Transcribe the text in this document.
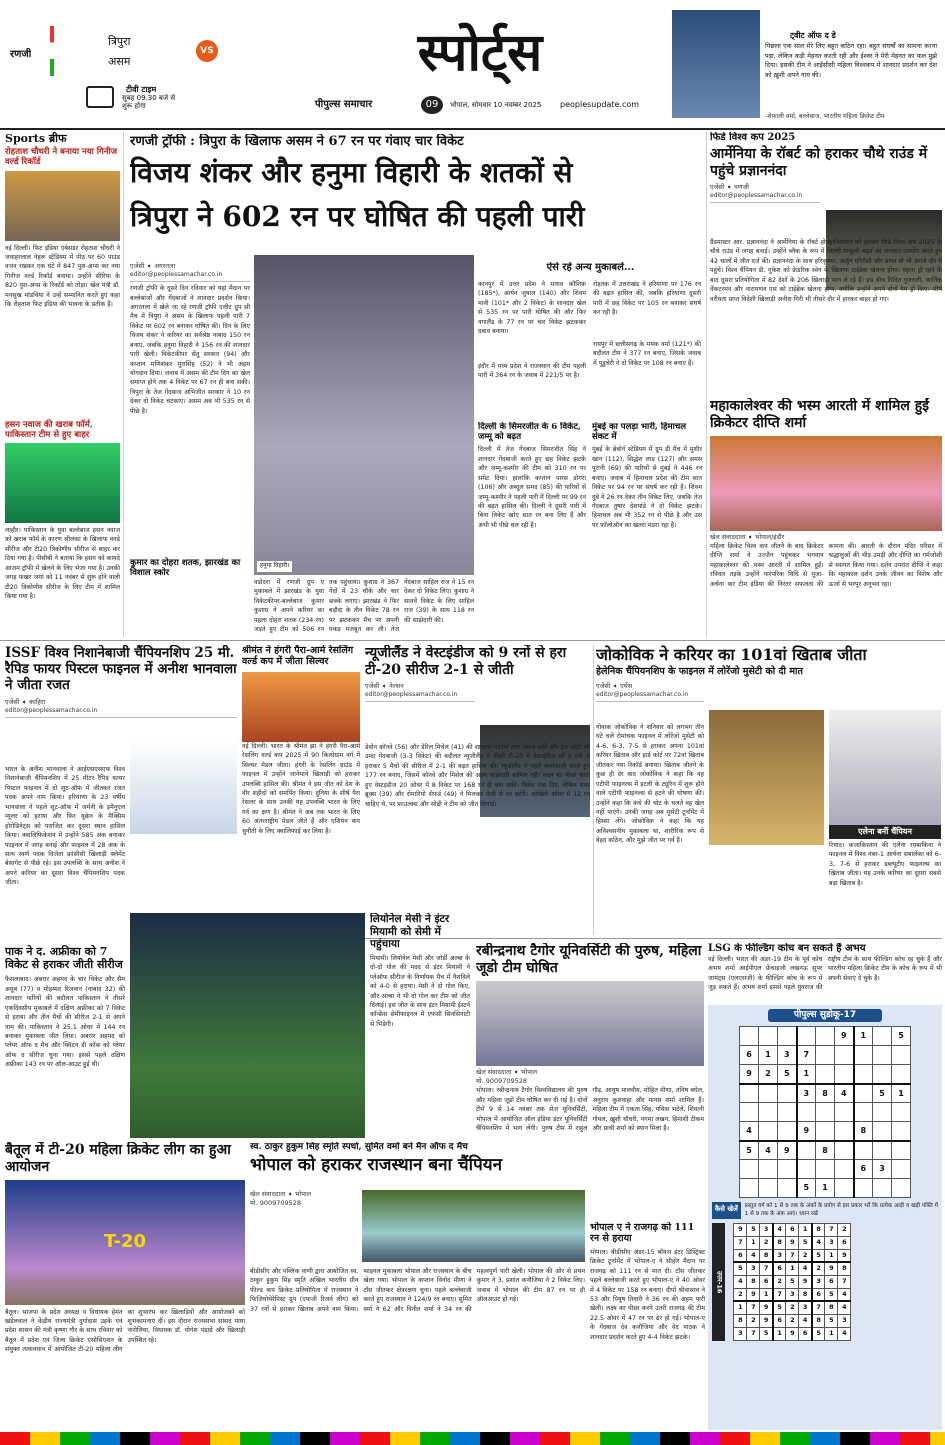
रणजी
त्रिपुरा
असम
VS
टीवी टाइम
सुबह 09.30 बजे से शुरू होगा
स्पोर्ट्स
पीपुल्स समाचार	09	भोपाल, सोमवार 10 नवम्बर 2025 peoplesupdate.com
ट्वीट ऑफ द डे
पिछला एक साल मेरे लिए बहुत कठिन रहा। बहुत संघर्षों का सामना करना पड़ा, लेकिन कड़ी मेहनत करती रही और ईश्वर ने मेरी मेहनत का फल मुझे दिया। इसकी टीम ने आईसीसी महिला विश्वकप में शानदार प्रदर्शन कर देश को ख़ुशी अपने नाम की।
-शेफाली वर्मा, बल्लेबाज, भारतीय महिला क्रिकेट टीम
Sports ब्रीफ
रोहताश चौधरी ने बनाया नया गिनीज वर्ल्ड रिकॉर्ड
नई दिल्ली। फिट इंडिया एंबेसडर रोहताश चौधरी ने जवाहरलाल नेहरू स्टेडियम में पीठ पर 60 पाउंड वजन रखकर एक घंटे में 847 पुश-अप्स कर नया गिनीज वर्ल्ड रिकॉर्ड बनाया। उन्होंने सीरिया के 820 पुश-अप्स के रिकॉर्ड को तोड़ा। खेल मंत्री डॉ. मनसुख मांडविया ने उन्हें सम्मानित करते हुए कहा कि रोहताश फिट इंडिया की भावना के प्रतीक हैं।
हसन नवाज की खराब फॉर्म, पाकिस्तान टीम से हुए बाहर
लाहौर। पाकिस्तान के युवा बल्लेबाज हसन नवाज को खराब फॉर्म के कारण श्रीलंका के खिलाफ वनडे सीरीज और टी20 त्रिकोणीय सीरीज से बाहर कर दिया गया है। पीसीबी ने बताया कि हसन को कायदे आजम ट्रॉफी में खेलने के लिए भेजा गया है। उनकी जगह फखर जमां को 11 नवंबर से शुरू होने वाली टी20 त्रिकोणीय सीरीज के लिए टीम में शामिल किया गया है।
रणजी ट्रॉफी : त्रिपुरा के खिलाफ असम ने 67 रन पर गंवाए चार विकेट
विजय शंकर और हनुमा विहारी के शतकों से
त्रिपुरा ने 602 रन पर घोषित की पहली पारी
एजेंसी ➧ अगरतला
editor@peoplessamachar.co.in
रणजी ट्रॉफी के दूसरे दिन रविवार को यहां मैदान पर बल्लेबाजों और गेंदबाजों ने शानदार प्रदर्शन किया। अगरतला में खेले जा रहे रणजी ट्रॉफी एलीट ग्रुप सी मैच में त्रिपुरा ने असम के खिलाफ पहली पारी 7 विकेट पर 602 रन बनाकर घोषित की। दिन के लिए विजय शंकर ने करियर का सर्वश्रेष्ठ नाबाद 150 रन बनाए, जबकि हनुमा विहारी ने 156 रन की शानदार पारी खेली। विकेटकीपर सेंतु सरकार (94) और कप्तान मणिशंकर मुरासिंह (52) ने भी अहम योगदान दिया। जवाब में असम की टीम दिन का खेल समाप्त होने तक 4 विकेट पर 67 रन ही बना सकी। त्रिपुरा के तेज गेंदबाज अभिजीत सरकार ने 10 रन देकर दो विकेट चटकाए। असम अब भी 535 रन से पीछे है।
कुमार का दोहरा शतक, झारखंड का विशाल स्कोर
हनुमा विहारी।
वडोदरा में रणजी ग्रुप ए मुकाबले में झारखंड के युवा विकेटकीपर-बल्लेबाज कुमार कुशाग्र ने अपने करियर का पहला दोहरा शतक (234 रन) जड़ते हुए टीम को 506 रन तक पहुंचाया। कुशाग्र ने 367 गेंदों में 23 चौके और चार छक्के लगाए। झारखंड ने फिर बड़ौदा के तीन विकेट 78 रन पर झटककर मैच पर अपनी पकड़ मजबूत कर ली। तेज गेंदबाज साहिल राज ने 15 रन देकर दो विकेट लिए। कुशाग्र ने सातवें विकेट के लिए साहिल राज (39) के साथ 118 रन की साझेदारी की।
ऐसे रहे अन्य मुकाबले...
कानपुर में उत्तर प्रदेश ने माधव कौशिक (185*), आर्यन जुयाल (140) और शिवम मावी (101* और 2 विकेट) के शानदार खेल से 535 रन पर पारी घोषित की और फिर नगालैंड के 77 रन पर चार विकेट झटककर दबाव बनाया।
इंदौर में मध्य प्रदेश ने राजस्थान की टीम पहली पारी में 364 रन के जवाब में 221/5 पर है।
रोहतक में उत्तराखंड ने हरियाणा पर 176 रन की बढ़त हासिल की, जबकि हरियाणा दूसरी पारी में छह विकेट पर 105 रन बनाकर संघर्ष कर रही है।
रायपुर में छत्तीसगढ़ के मयंक वर्मा (121*) की बदौलत टीम ने 377 रन बनाए, जिसके जवाब में पुडुचेरी ने दो विकेट पर 108 रन बनाए हैं।
दिल्ली के सिमरजीत के 6 विकेट, जम्मू को बढ़त
दिल्ली में तेज गेंदबाज सिमरजीत सिंह ने शानदार गेंदबाजी करते हुए छह विकेट झटके और जम्मू-कश्मीर की टीम को 310 रन पर समेट दिया। हालांकि कप्तान पारस डोगरा (106) और अब्दुल समद (85) की पारियों से जम्मू-कश्मीर ने पहली पारी में दिल्ली पर 99 रन की बढ़त हासिल की। दिल्ली ने दूसरी पारी में बिना विकेट खोए सात रन बना लिए हैं और अभी भी पीछे चल रही है।
मुंबई का पलड़ा भारी, हिमाचल संकट में
मुंबई के ब्रेबोर्न स्टेडियम में ग्रुप डी मैच में मुशीर खान (112), सिद्धेश लाड (127) और समस पुरानी (69) की पारियों से मुंबई ने 446 रन बनाए। जवाब में हिमाचल प्रदेश की टीम सात विकेट पर 94 रन पर संघर्ष कर रही है। शिवम दुबे ने 26 रन देकर तीन विकेट लिए, जबकि तेज गेंदबाज तुषार देशपांडे ने दो विकेट झटके। हिमाचल अब भी 352 रन से पीछे है और उस पर फॉलोऑन का खतरा मंडरा रहा है।
फिडे विश्व कप 2025
आर्मेनिया के रॉबर्ट को हराकर चौथे राउंड में पहुंचे प्रज्ञाननंदा
एजेंसी ➧ पणजी
editor@peoplessamachar.co.in
ग्रैंडमास्टर आर. प्रज्ञाननंदा ने आर्मेनिया के रॉबर्ट होवहानिसयान को हराकर फिडे विश्व कप 2025 के चौथे राउंड में जगह बनाई। उन्होंने ब्लैक के रूप में बिल्ली माफूली बढ़त का शानदार उपयोग करते हुए 42 चालों में जीत दर्ज की। प्रज्ञाननंदा के साथ हरिकृष्णा, अर्जुन एरिगैसी और प्रणव वी भी अगले दौर में पहुंचे। विश्व चैंपियन डी. गुकेश को फ्रेडरिक स्वेन के खिलाफ टाईब्रेक खेलना होगा। पहला ड्रॉ रहने के बाद दूसरा प्रतियोगिता में 82 देशों के 206 खिलाड़ी भाग ले रहे हैं। इस बीच विदित गुजराती, कार्तिक वेंकटरमन और नारायणन एस को टाईब्रेक खेलना होगा, क्योंकि उन्होंने अपने दोनों गेम ड्रॉ किए। शीर्ष वरीयता प्राप्त विदेशी खिलाड़ी अनीश गिरी भी तीसरे दौर में हारकर बाहर हो गए।
महाकालेश्वर की भस्म आरती में शामिल हुईं क्रिकेटर दीप्ति शर्मा
खेल संवाददाता ➧ भोपाल/इंदौर
महिला क्रिकेट विश्व कप जीतने के बाद क्रिकेटर दीप्ति शर्मा ने उज्जैन पहुंचकर भगवान महाकालेश्वर की भस्म आरती में शामिल हुईं। रविवार तड़के उन्होंने पारंपरिक विधि से पूजा-अर्चना कर टीम इंडिया की निरंतर सफलता की कामना की। आरती के दौरान मंदिर परिसर में श्रद्धालुओं की भीड़ उमड़ी और दीप्ति का गर्मजोशी से स्वागत किया गया। दर्शन उपरांत दीप्ति ने कहा कि महाकाल दर्शन उनके जीवन का विशेष और ऊर्जा से भरपूर अनुभव रहा।
ISSF विश्व निशानेबाजी चैंपियनशिप 25 मी. रैपिड फायर पिस्टल फाइनल में अनीश भानवाला ने जीता रजत
एजेंसी ➧ काहिरा
editor@peoplessamachar.co.in
भारत के अनीश भानवाला ने आईएसएसएफ विश्व निशानेबाजी चैंपियनशिप में 25 मीटर रैपिड फायर पिस्टल फाइनल में दो शूट-ऑफ में जीतकर रजत पदक अपने नाम किया। हरियाणा के 23 वर्षीय भानवाला ने पहले शूट-ऑफ में जर्मनी के इमैनुएल म्यूलर को हराया और फिर यूक्रेन के मैक्सिम होरोडिनेट्स को पराजित कर दूसरा स्थान हासिल किया। क्वालिफिकेशन में उन्होंने 585 अंक बनाकर फाइनल में जगह बनाई और फाइनल में 28 अंक के साथ स्वर्ण पदक विजेता फ्रांसीसी खिलाड़ी क्लेमेंट बेसागेट से पीछे रहे। इस उपलब्धि के साथ अनीश ने अपने करियर का दूसरा विश्व चैंपियनशिप पदक जीता।
श्रीमंत ने हंगरी पैरा-आर्म रेसलिंग वर्ल्ड कप में जीता सिल्वर
नई दिल्ली। भारत के श्रीमंत झा ने हंगरी पैरा-आर्म रेसलिंग वर्ल्ड कप 2025 में 90 किलोग्राम वर्ग में सिल्वर मेडल जीता। हंगरी के रेसलिंग ग्राउंड में फाइनल में उन्होंने जानेमाने खिलाड़ी को हराकर उपलब्धि हासिल की। श्रीमंत ने इस जीत को देश के वीर शहीदों को समर्पित किया। दुनिया के शीर्ष पैरा रेसलर के साथ उनकी यह उपलब्धि भारत के लिए गर्व का क्षण है। श्रीमंत ने अब तक भारत के लिए 60 अंतरराष्ट्रीय मेडल जीते हैं और एशियन कप चुनौती के लिए क्वालिफाई कर लिया है।
न्यूजीलैंड ने वेस्टइंडीज को 9 रनों से हरा टी-20 सीरीज 2-1 से जीती
एजेंसी ➧ नेल्सन
editor@peoplessamachar.co.in
डेवोन कॉनवे (56) और डेरिल मिचेल (41) की शानदार पारियों तथा जेकब डफी और ईश सोढ़ी की उम्दा गेंदबाजी (3-3 विकेट) की बदौलत न्यूजीलैंड ने तीसरे टी-20 में वेस्टइंडीज को 9 रनों से हराकर 5 मैचों की सीरीज में 2-1 की बढ़त हासिल की। न्यूजीलैंड ने पहले बल्लेबाजी करते हुए 177 रन बनाए, जिसमें कॉनवे और मिशेल की अहम साझेदारी शामिल रही। लक्ष्य का पीछा करते हुए वेस्टइंडीज 20 ओवर में 8 विकेट पर 168 रन ही बना सकी। विकेट गंवा दिए, लेकिन शमर ब्रूक्स (39) और रोमारियो शेफर्ड (49) ने मिलकर तेजी से रन बटोरे। आखिरी ओवर में 12 रन चाहिए थे, पर फाउल्क्स और सोढ़ी ने टीम को जीत दिलाई।
जोकोविक ने करियर का 101वां खिताब जीता
हेलेनिक चैंपियनशिप के फाइनल में लोरेंजो मुसेटी को दी मात
एजेंसी ➧ एथेंस
editor@peoplessamachar.co.in
नोवाक जोकोविक ने शनिवार को लगभग तीन घंटे चले रोमांचक फाइनल में लोरेंजो मुसेटी को 4-6, 6-3, 7-5 से हराकर अपना 101वां करियर खिताब और हार्ड कोर्ट पर 72वां खिताब जीतकर नया रिकॉर्ड बनाया। खिताब जीतने के कुछ ही देर बाद जोकोविक ने कहा कि वह एटीपी फाइनल्स में इटली के ट्यूरिन में शुरू होने वाले एटीपी फाइनल्स से हटने की घोषणा की। उन्होंने कहा कि कंधे की चोट के चलते वह खेल नहीं पाएंगे। उनकी जगह अब मुसेटी टूर्नामेंट में हिस्सा लेंगे। जोकोविक ने कहा कि यह अविश्वसनीय मुकाबला था, शारीरिक रूप से बेहद कठिन, और मुझे जीत पर गर्व है।
एलेना बनीं चैंपियन
रियाद। कजाकिस्तान की एलेना रयबाकिना ने फाइनल में विश्व नंबर-1 आर्यना सबालेंका को 6-3, 7-6 से हराकर डब्ल्यूटीए फाइनल्स का खिताब जीता। यह उनके करियर का दूसरा सबसे बड़ा खिताब है।
पाक ने द. अफ्रीका को 7 विकेट से हराकर जीती सीरीज
फैसलाबाद। अबरार अहमद के चार विकेट और सैम अयूब (77) व मोहम्मद रिजवान (नाबाद 32) की शानदार पारियों की बदौलत पाकिस्तान ने तीसरे एकदिवसीय मुकाबले में दक्षिण अफ्रीका को 7 विकेट से हराया और तीन मैचों की सीरीज 2-1 से अपने नाम की। पाकिस्तान ने 25.1 ओवर में 144 रन बनाकर मुकाबला जीत लिया। अबरार अहमद को प्लेयर ऑफ द मैच और क्विंटन डी कॉक को प्लेयर ऑफ द सीरीज चुना गया। इससे पहले दक्षिण अफ्रीका 143 रन पर ऑल-आउट हुई थी।
लियोनेल मेसी ने इंटर मियामी को सेमी में पहुंचाया
मियामी। लियोनेल मेसी और जोर्डी अल्बा के दो-दो गोल की मदद से इंटर मियामी ने प्लेऑफ सीरीज के निर्णायक मैच में नैशविले को 4-0 से हराया। मेसी ने दो गोल किए, और अल्बा ने भी दो गोल कर टीम को जीत दिलाई। इस जीत के साथ इंटर मियामी ईस्टर्न कॉन्फ्रेंस सेमीफाइनल में एफसी सिनसिनाटी से भिड़ेगी।
रबीन्द्रनाथ टैगोर यूनिवर्सिटी की पुरुष, महिला जूडो टीम घोषित
खेल संवाददाता ➧ भोपाल
मो. 9009709528
भोपाल। रबीन्द्रनाथ टैगोर विश्वविद्यालय की पुरुष और महिला जूडो टीम घोषित कर दी गई है। दोनों टीमें 9 से 14 नवंबर तक सेज यूनिवर्सिटी, भोपाल में आयोजित ऑल इंडिया इंटर यूनिवर्सिटी चैंपियनशिप में भाग लेंगी। पुरुष टीम में राहुल गौड़, आयुष मालवीय, मोहित मीणा, तनिष बघेल, अनुराग कुशवाहा और मानस शर्मा शामिल हैं। महिला टीम में एकता सिंह, पवित्रा भटेले, शिवानी गोयल, ख़ुशी चौधरी, नगमा लखन, हिमांशी टीकम और प्राची शर्मा को स्थान मिला है।
LSG के फील्डिंग कोच बन सकते हैं अभय
नई दिल्ली। भारत की अंडर-19 टीम के पूर्व कोच अभय शर्मा आईपीएल फ्रेंचाइजी लखनऊ सुपर जायंट्स (एलएसजी) के फील्डिंग कोच के रूप में जुड़ सकते हैं। अभय शर्मा इससे पहले युवराज की राष्ट्रीय टीम के साथ फील्डिंग कोच रह चुके हैं और भारतीय महिला क्रिकेट टीम के कोच के रूप में भी अपनी सेवाएं दे चुके हैं।
पीपुल्स सुडोकू-17
					9	1		5
6	1	3	7					
9	2	5	1					
			3	8	4		5	1

4			9			8		
5	4	9		8				
						6	3	
			5	1				
कैसे खेलें	प्रस्तुत वर्ग को 1 से 9 तक के अंकों के प्रयोग से इस प्रकार भरें कि प्रत्येक आड़ी व खड़ी पंक्ति में 1 से 9 तक के अंक आएं। ध्यान रखें
उत्तर-16
9	5	3	4	6	1	8	7	2
7	1	2	8	9	5	4	3	6
6	4	8	3	7	2	5	1	9
5	3	7	6	1	4	2	9	8
4	8	6	2	5	9	3	6	7
2	9	1	7	3	8	6	5	4
1	7	9	5	2	3	7	8	4
8	2	9	6	2	4	8	5	3
3	7	5	1	9	6	5	1	4
बैतूल में टी-20 महिला क्रिकेट लीग का हुआ आयोजन
T-20
बैतूल। भाजपा के प्रदेश अध्यक्ष व विधायक हेमंत खंडेलवाल ने केंद्रीय राज्यमंत्री दुर्गादास उइके एवं प्रदेश शासन की मंत्री कृष्णा गौर के साथ रविवार को बैतूल में प्रदेश एवं जिला क्रिकेट एसोसिएशन के संयुक्त तत्वावधान में आयोजित टी-20 महिला लीग का शुभारंभ कर खिलाड़ियों और आयोजकों को शुभकामनाएं दीं। इस दौरान राज्यसभा सांसद माया नारोलिया, विधायक डॉ. योगेश पंडाग्रे और खिलाड़ी उपस्थित रहे।
स्व. ठाकुर हुकुम सिंह स्मृति स्पर्धा, सुमित वर्मा बने मैन ऑफ द मैच
भोपाल को हराकर राजस्थान बना चैंपियन
खेल संवाददाता ➧ भोपाल
मो. 9009709528
बीडीसीए और पब्लिक वाणी द्वारा आयोजित स्व. ठाकुर हुकुम सिंह स्मृति अखिल भारतीय ग्रीन फील्ड कप क्रिकेट प्रतियोगिता में राजस्थान ने फिजियोथेरेपिस्ट ग्रुप (एफजी रिजर्व लीग) को 37 रनों से हराकर खिताब अपने नाम किया। फाइनल मुकाबला भोपाल और राजस्थान के बीच खेला गया। भोपाल के कप्तान विनोद मीणा ने टॉस जीतकर क्षेत्ररक्षण चुना। पहले बल्लेबाजी करते हुए राजस्थान ने 124/9 रन बनाए। सुमित वर्मा ने 62 और विनीत शर्मा ने 34 रन की महत्वपूर्ण पारी खेली। भोपाल की ओर से प्रथम कुमार ने 3, प्रशांत कनौजिया ने 2 विकेट लिए। जवाब में भोपाल की टीम 87 रन पर ही ऑलआउट हो गई।
भोपाल ए ने राजगढ़ को 111 रन से हराया
भोपाल। बीडीसीए अंडर-15 बॉयज इंटर डिस्ट्रिक्ट क्रिकेट टूर्नामेंट में भोपाल-ए ने सीहोर मैदान पर राजगढ़ को 111 रन से मात दी। टॉस जीतकर पहले बल्लेबाजी करते हुए भोपाल-ए ने 40 ओवर में 4 विकेट पर 158 रन बनाए। दीपों श्रीवास्तव ने 53 और पियूष तिवारी ने 36 रन की अहम पारी खेली। लक्ष्य का पीछा करने उतरी राजगढ़ की टीम 22.5 ओवर में 47 रन पर ढेर हो गई। भोपाल-ए के गेंदबाज देव कनौजिया और वेद पाठक ने शानदार प्रदर्शन करते हुए 4-4 विकेट झटके।
